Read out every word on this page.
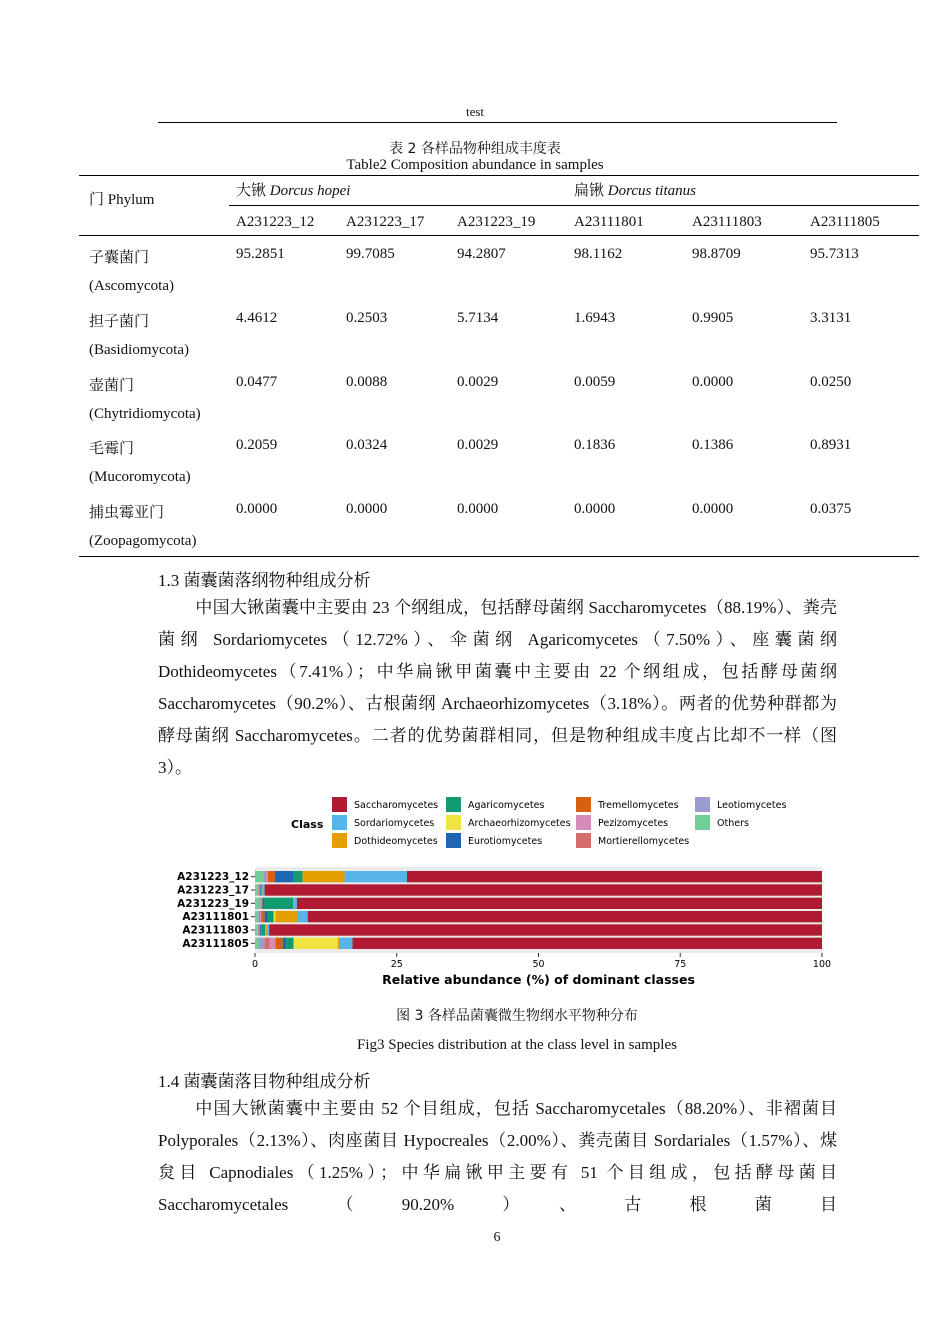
test
表 2 各样品物种组成丰度表
Table2 Composition abundance in samples
门 Phylum
大锹 Dorcus hopei	扁锹 Dorcus titanus
A231223_12 A231223_17 A231223_19	A23111801	A23111803	A23111805
子囊菌门
(Ascomycota)
95.2851	99.7085	94.2807	98.1162	98.8709	95.7313
担子菌门
(Basidiomycota)
4.4612	0.2503	5.7134	1.6943	0.9905	3.3131
壶菌门
(Chytridiomycota)
0.0477	0.0088	0.0029	0.0059	0.0000	0.0250
毛霉门
(Mucoromycota)
0.2059	0.0324	0.0029	0.1836	0.1386	0.8931
捕虫霉亚门
(Zoopagomycota)
0.0000	0.0000	0.0000	0.0000	0.0000	0.0375
1.3 菌囊菌落纲物种组成分析

中国大锹菌囊中主要由 23 个纲组成，包括酵母菌纲 Saccharomycetes（88.19%）、粪壳菌纲 Sordariomycetes（12.72%）、伞菌纲 Agaricomycetes（7.50%）、座囊菌纲 Dothideomycetes（7.41%）；中华扁锹甲菌囊中主要由 22 个纲组成，包括酵母菌纲 Saccharomycetes（90.2%）、古根菌纲 Archaeorhizomycetes（3.18%）。两者的优势种群都为酵母菌纲 Saccharomycetes。二者的优势菌群相同，但是物种组成丰度占比却不一样（图 3）。

Class
Saccharomycetes	Agaricomycetes	Tremellomycetes	Leotiomycetes
Sordariomycetes	Archaeorhizomycetes	Pezizomycetes	Others
Dothideomycetes	Eurotiomycetes	Mortierellomycetes
A231223_12
A231223_17
A231223_19
A23111801
A23111803
A23111805
0	25	50	75	100
Relative abundance (%) of dominant classes
图 3 各样品菌囊微生物纲水平物种分布
Fig3 Species distribution at the class level in samples
1.4 菌囊菌落目物种组成分析

中国大锹菌囊中主要由 52 个目组成，包括 Saccharomycetales（88.20%）、非褶菌目 Polyporales（2.13%）、肉座菌目 Hypocreales（2.00%）、粪壳菌目 Sordariales（1.57%）、煤炱目 Capnodiales（1.25%）；中华扁锹甲主要有 51 个目组成，包括酵母菌目 Saccharomycetales（90.20%）、古根菌目

6
